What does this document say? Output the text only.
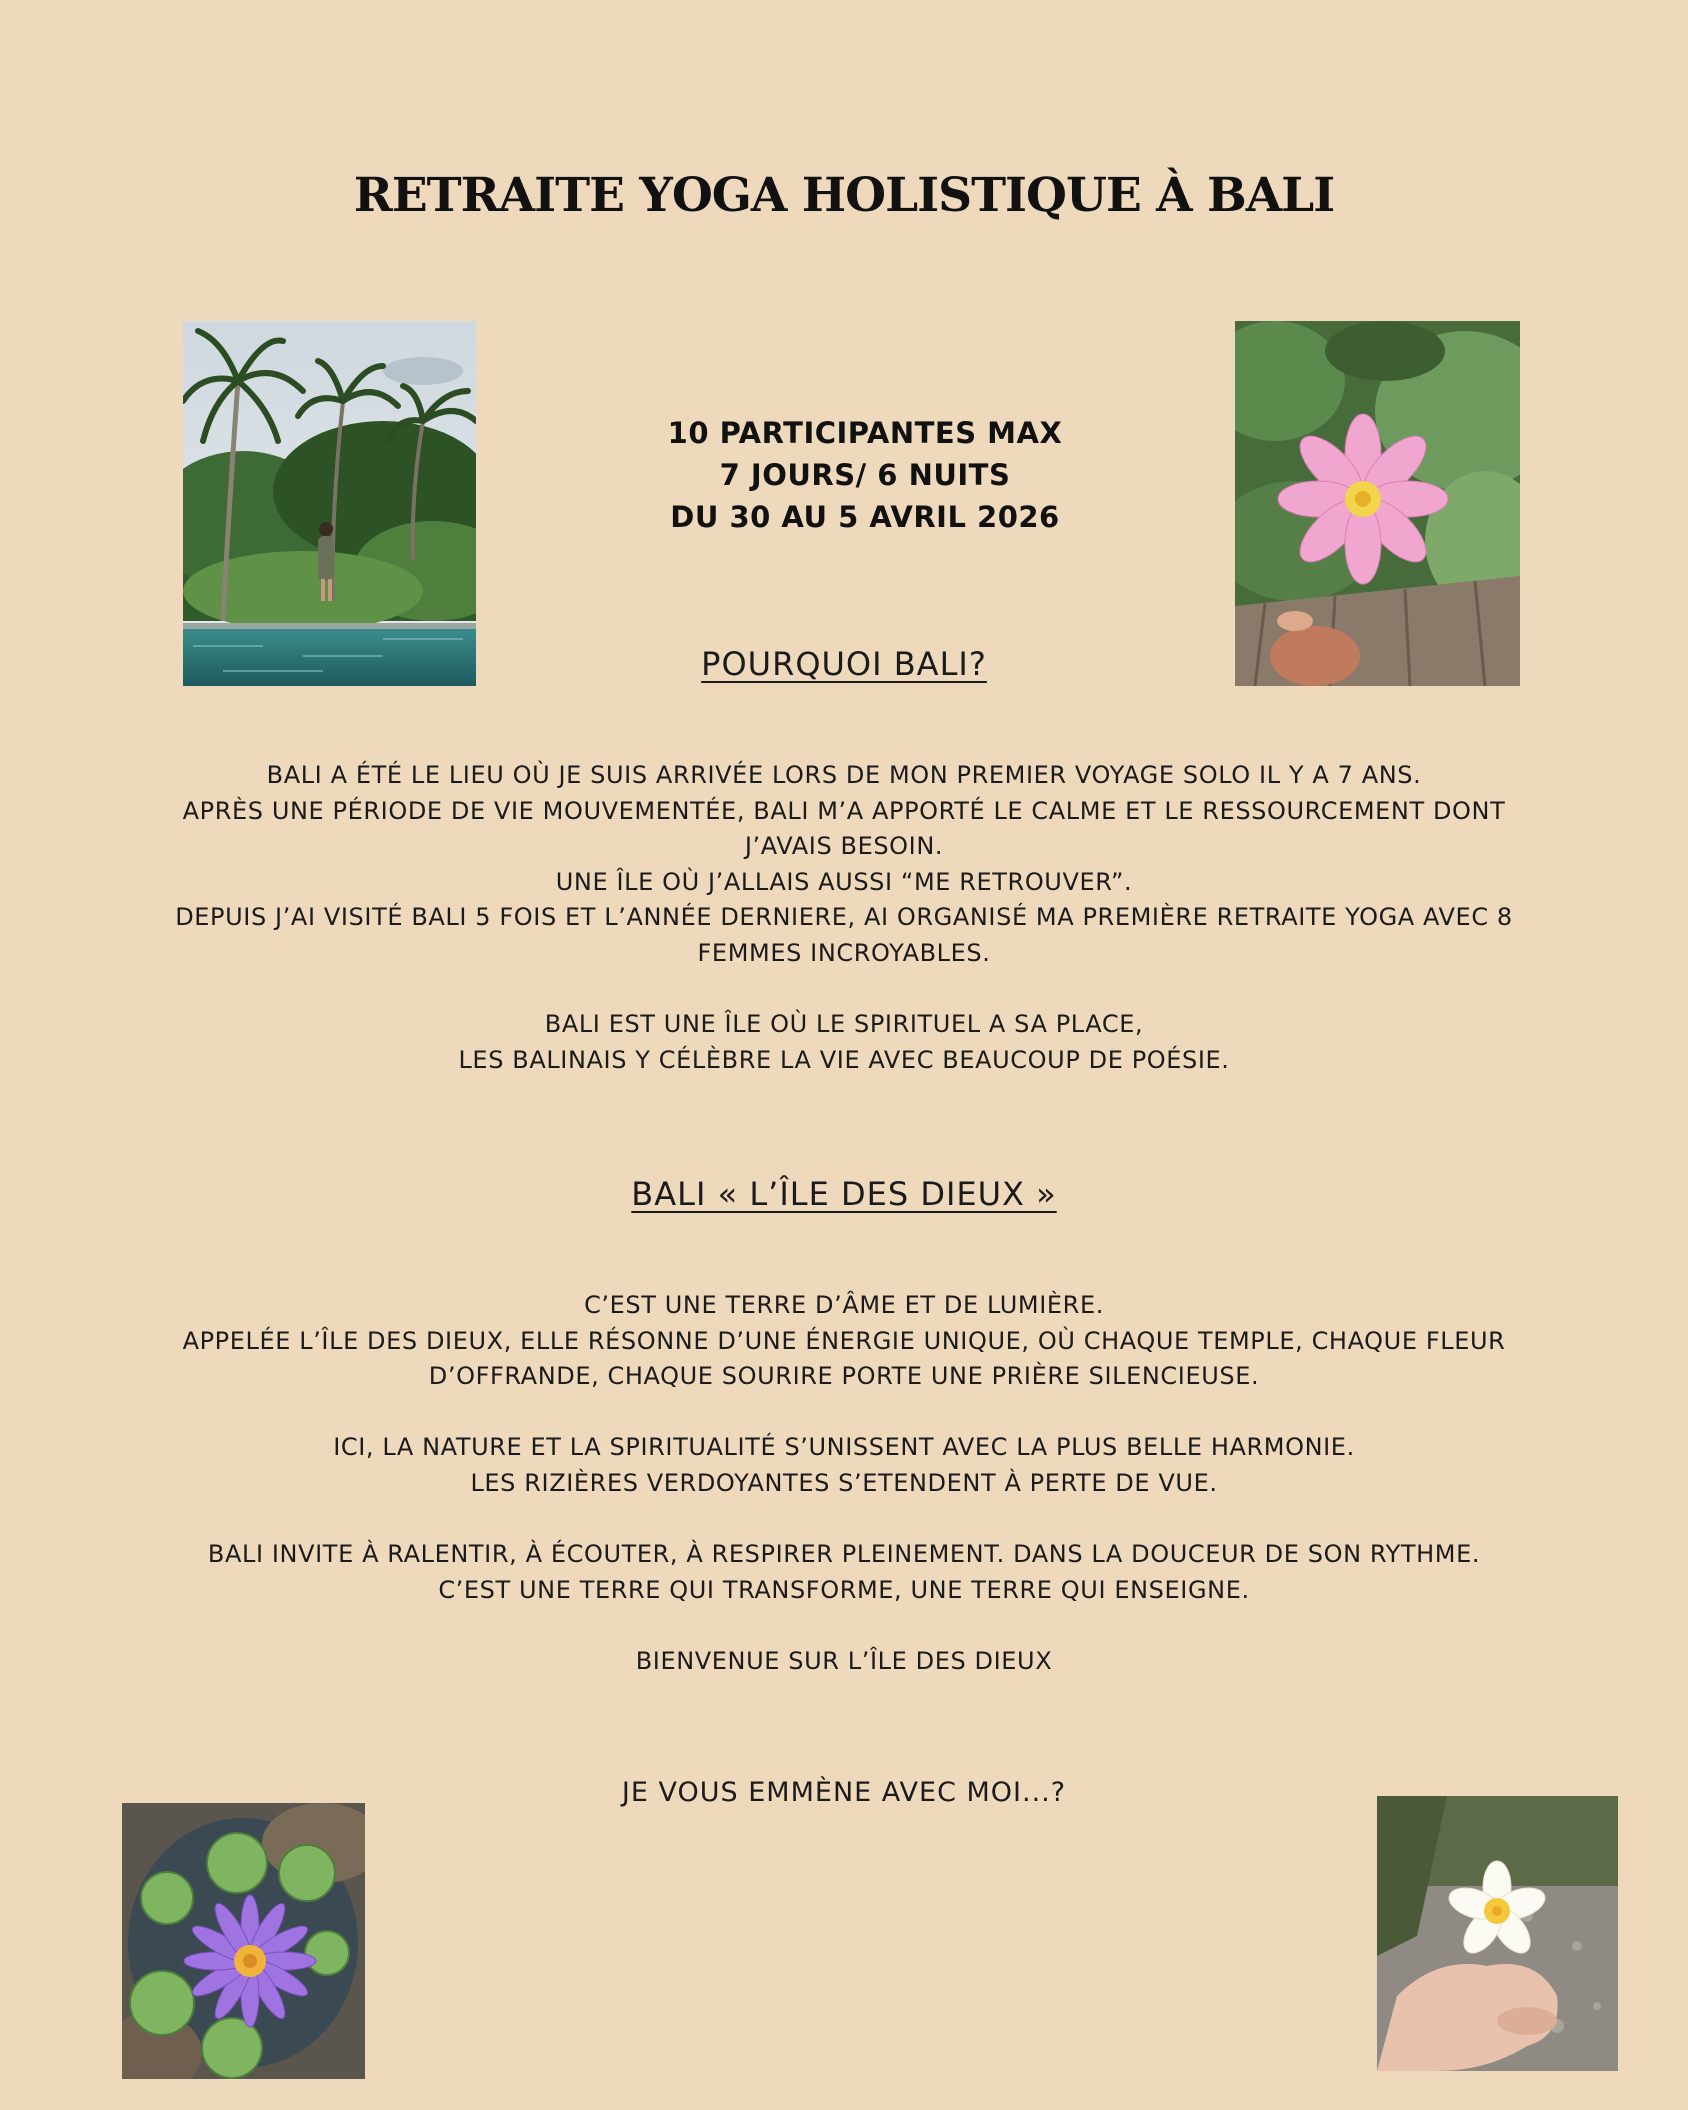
RETRAITE YOGA HOLISTIQUE À BALI
10 PARTICIPANTES MAX
7 JOURS/ 6 NUITS
DU 30 AU 5 AVRIL 2026
POURQUOI BALI?

BALI A ÉTÉ LE LIEU OÙ JE SUIS ARRIVÉE LORS DE MON PREMIER VOYAGE SOLO IL Y A 7 ANS.

APRÈS UNE PÉRIODE DE VIE MOUVEMENTÉE, BALI M’A APPORTÉ LE CALME ET LE RESSOURCEMENT DONT J’AVAIS BESOIN.

UNE ÎLE OÙ J’ALLAIS AUSSI “ME RETROUVER”.

DEPUIS J’AI VISITÉ BALI 5 FOIS ET L’ANNÉE DERNIERE, AI ORGANISÉ MA PREMIÈRE RETRAITE YOGA AVEC 8 FEMMES INCROYABLES.

BALI EST UNE ÎLE OÙ LE SPIRITUEL A SA PLACE,

LES BALINAIS Y CÉLÈBRE LA VIE AVEC BEAUCOUP DE POÉSIE.

BALI « L’ÎLE DES DIEUX »

C’EST UNE TERRE D’ÂME ET DE LUMIÈRE.

APPELÉE L’ÎLE DES DIEUX, ELLE RÉSONNE D’UNE ÉNERGIE UNIQUE, OÙ CHAQUE TEMPLE, CHAQUE FLEUR D’OFFRANDE, CHAQUE SOURIRE PORTE UNE PRIÈRE SILENCIEUSE.

ICI, LA NATURE ET LA SPIRITUALITÉ S’UNISSENT AVEC LA PLUS BELLE HARMONIE.

LES RIZIÈRES VERDOYANTES S’ETENDENT À PERTE DE VUE.

BALI INVITE À RALENTIR, À ÉCOUTER, À RESPIRER PLEINEMENT. DANS LA DOUCEUR DE SON RYTHME.

C’EST UNE TERRE QUI TRANSFORME, UNE TERRE QUI ENSEIGNE.

BIENVENUE SUR L’ÎLE DES DIEUX

JE VOUS EMMÈNE AVEC MOI...?
